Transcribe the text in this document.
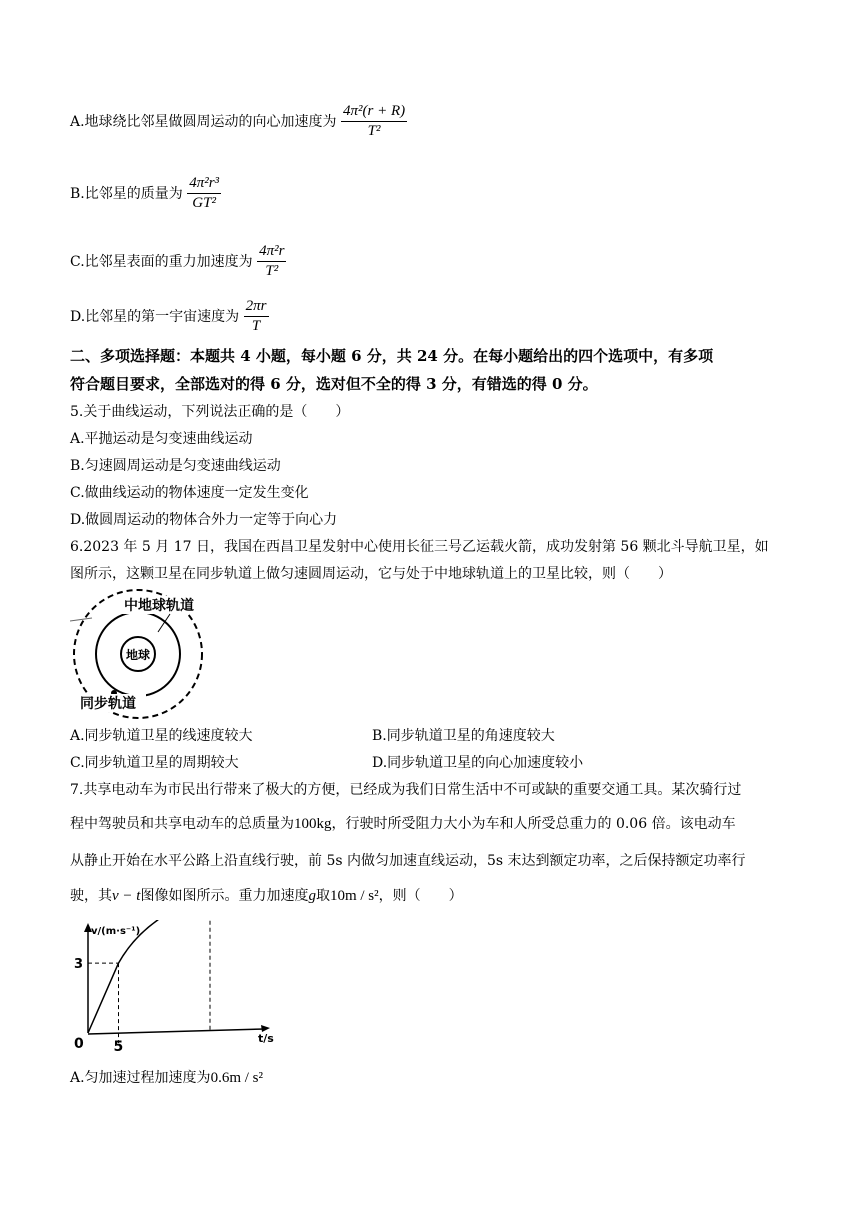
A.地球绕比邻星做圆周运动的向心加速度为 $\frac{\text{4π²(r + R)}}{\text{T²}}$
B.比邻星的质量为 $\frac{\text{4π²r³}}{\text{GT²}}$
C.比邻星表面的重力加速度为 $\frac{\text{4π²r}}{\text{T²}}$
D.比邻星的第一宇宙速度为 $\frac{2\pi r}{T}$
二、多项选择题：本题共 4 小题，每小题 6 分，共 24 分。在每小题给出的四个选项中，有多项
符合题目要求，全部选对的得 6 分，选对但不全的得 3 分，有错选的得 0 分。
5.关于曲线运动，下列说法正确的是（　　）
A.平抛运动是匀变速曲线运动
B.匀速圆周运动是匀变速曲线运动
C.做曲线运动的物体速度一定发生变化
D.做圆周运动的物体合外力一定等于向心力
6.2023 年 5 月 17 日，我国在西昌卫星发射中心使用长征三号乙运载火箭，成功发射第 56 颗北斗导航卫星，如
图所示，这颗卫星在同步轨道上做匀速圆周运动，它与处于中地球轨道上的卫星比较，则（　　）
地球
中地球轨道
同步轨道
A.同步轨道卫星的线速度较大	B.同步轨道卫星的角速度较大
C.同步轨道卫星的周期较大	D.同步轨道卫星的向心加速度较小
7.共享电动车为市民出行带来了极大的方便，已经成为我们日常生活中不可或缺的重要交通工具。某次骑行过
程中驾驶员和共享电动车的总质量为100kg，行驶时所受阻力大小为车和人所受总重力的 0.06 倍。该电动车
从静止开始在水平公路上沿直线行驶，前 5s 内做匀加速直线运动，5s 末达到额定功率，之后保持额定功率行
驶，其v − t图像如图所示。重力加速度g取10m / s²，则（　　）
v/(m·s⁻¹)
t/s
3
0 5
A.匀加速过程加速度为0.6m / s²
